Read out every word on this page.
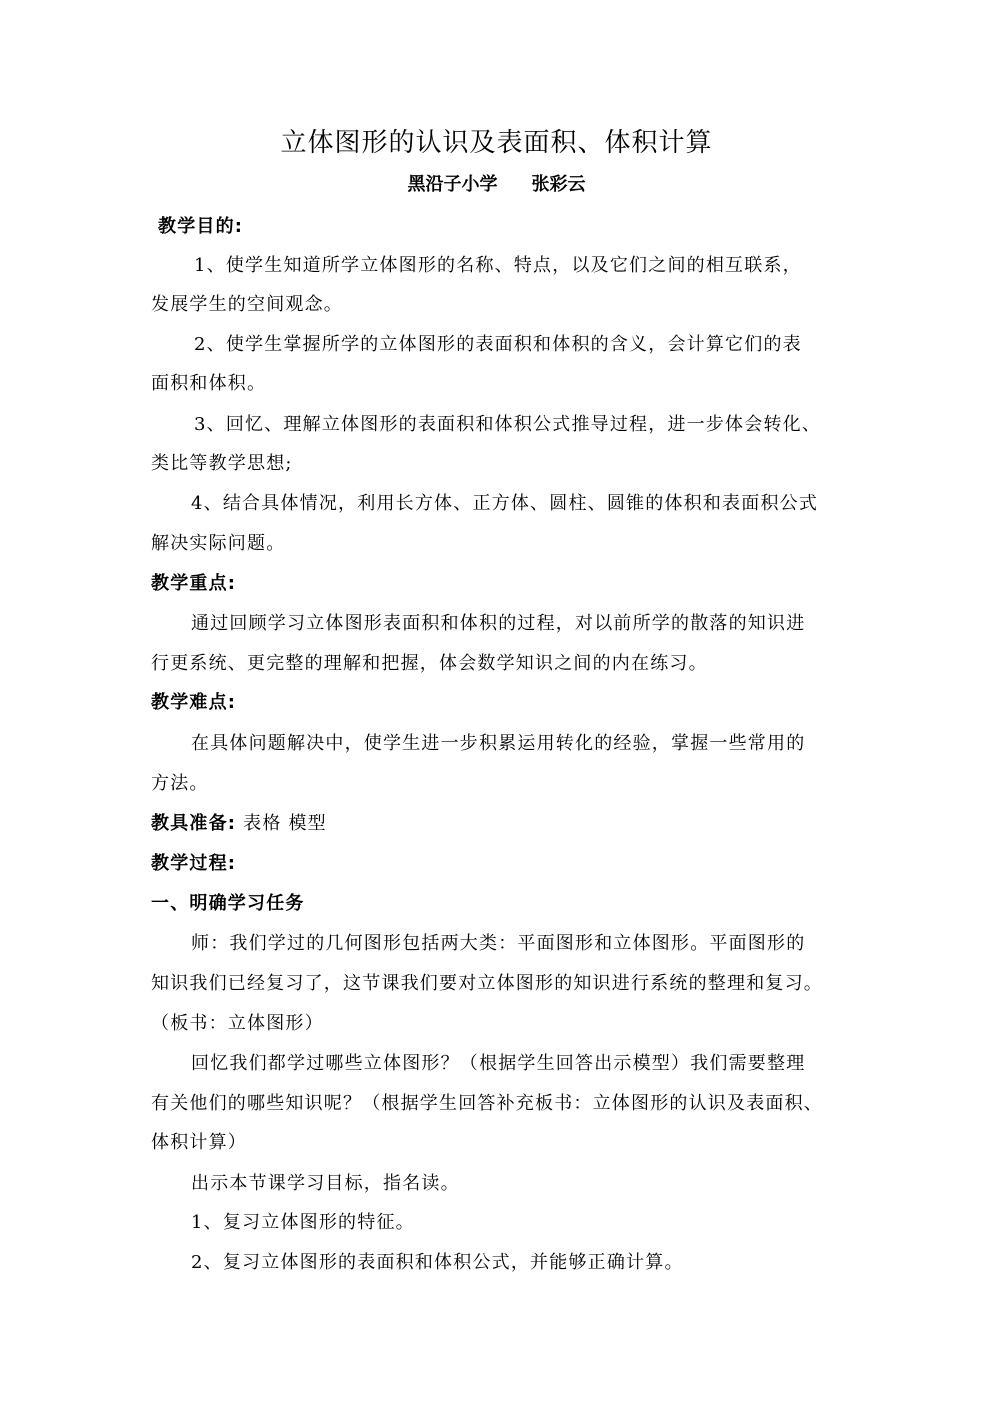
立体图形的认识及表面积、体积计算
黑沿子小学 张彩云
教学目的:
1、使学生知道所学立体图形的名称、特点，以及它们之间的相互联系，
发展学生的空间观念。
2、使学生掌握所学的立体图形的表面积和体积的含义，会计算它们的表
面积和体积。
3、回忆、理解立体图形的表面积和体积公式推导过程，进一步体会转化、
类比等教学思想;
4、结合具体情况，利用长方体、正方体、圆柱、圆锥的体积和表面积公式
解决实际问题。
教学重点:
通过回顾学习立体图形表面积和体积的过程，对以前所学的散落的知识进
行更系统、更完整的理解和把握，体会数学知识之间的内在练习。
教学难点:
在具体问题解决中，使学生进一步积累运用转化的经验，掌握一些常用的
方法。
教具准备: 表格 模型
教学过程:
一、明确学习任务
师：我们学过的几何图形包括两大类：平面图形和立体图形。平面图形的
知识我们已经复习了，这节课我们要对立体图形的知识进行系统的整理和复习。
（板书：立体图形）
回忆我们都学过哪些立体图形？（根据学生回答出示模型）我们需要整理
有关他们的哪些知识呢？（根据学生回答补充板书：立体图形的认识及表面积、
体积计算）
出示本节课学习目标，指名读。
1、复习立体图形的特征。
2、复习立体图形的表面积和体积公式，并能够正确计算。
